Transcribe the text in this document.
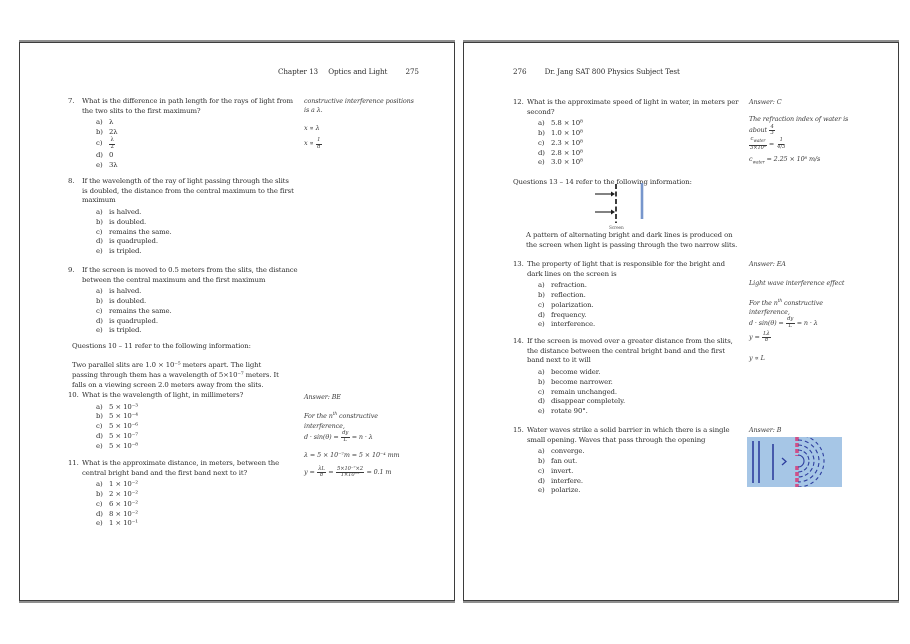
Chapter 13 Optics and Light	275
7.	What is the difference in path length for the rays of light from
the two slits to the first maximum?
a) λ
b) 2λ
c)	$\frac{\lambda}{2}$
d) 0
e) 3λ
constructive interference positions
is a λ.
x ∝ λ
$x \propto \frac{1}{d}$
8.	If the wavelength of the ray of light passing through the slits
is doubled, the distance from the central maximum to the first
maximum
a) is halved.
b) is doubled.
c) remains the same.
d) is quadrupled.
e) is tripled.
9.	If the screen is moved to 0.5 meters from the slits, the distance
between the central maximum and the first maximum
a) is halved.
b) is doubled.
c) remains the same.
d) is quadrupled.
e) is tripled.
Questions 10 – 11 refer to the following information:
Two parallel slits are 1.0 × 10⁻⁵ meters apart. The light
passing through them has a wavelength of 5×10⁻⁷ meters. It
falls on a viewing screen 2.0 meters away from the slits.
10. What is the wavelength of light, in millimeters?
a) 5 × 10⁻³
b) 5 × 10⁻⁴
c) 5 × 10⁻⁶
d) 5 × 10⁻⁷
e) 5 × 10⁻⁸
Answer: BE
For the $n^{th}$ constructive
interference,
$d \cdot \sin(\theta) = \frac{dy}{L} = n \cdot \lambda$
λ = 5 × 10⁻⁷m = 5 × 10⁻⁴ mm
$y = \frac{\lambda L}{d} = \frac{\text{5×10⁻⁷×2}}{\text{1×10⁻⁵}} = 0.1$ m
11. What is the approximate distance, in meters, between the
central bright band and the first band next to it?
a) 1 × 10⁻²
b) 2 × 10⁻²
c) 6 × 10⁻²
d) 8 × 10⁻²
e) 1 × 10⁻¹
276	Dr. Jang SAT 800 Physics Subject Test
12. What is the approximate speed of light in water, in meters per
second?
a) 5.8 × 10⁸
b) 1.0 × 10⁸
c) 2.3 × 10⁸
d) 2.8 × 10⁸
e) 3.0 × 10⁸
Answer: C
The refraction index of water is
about $\frac{4}{3}$
$\frac{c_{water}}{\text{3×10⁸}} = \frac{1}{4/3}$
$c_{water} = 2.25 \times 10^8$ m/s
Questions 13 – 14 refer to the following information:
Screen
A pattern of alternating bright and dark lines is produced on
the screen when light is passing through the two narrow slits.
13. The property of light that is responsible for the bright and
dark lines on the screen is
a) refraction.
b) reflection.
c) polarization.
d) frequency.
e) interference.
Answer: EA
Light wave interference effect
For the $n^{th}$ constructive
interference,
$d \cdot \sin(\theta) = \frac{dy}{L} = n \cdot \lambda$
$y = \frac{L\lambda}{d}$
y ∝ L
14. If the screen is moved over a greater distance from the slits,
the distance between the central bright band and the first
band next to it will
a) become wider.
b) become narrower.
c) remain unchanged.
d) disappear completely.
e) rotate 90°.
15. Water waves strike a solid barrier in which there is a single
small opening. Waves that pass through the opening
a) converge.
b) fan out.
c) invert.
d) interfere.
e) polarize.
Answer: B
